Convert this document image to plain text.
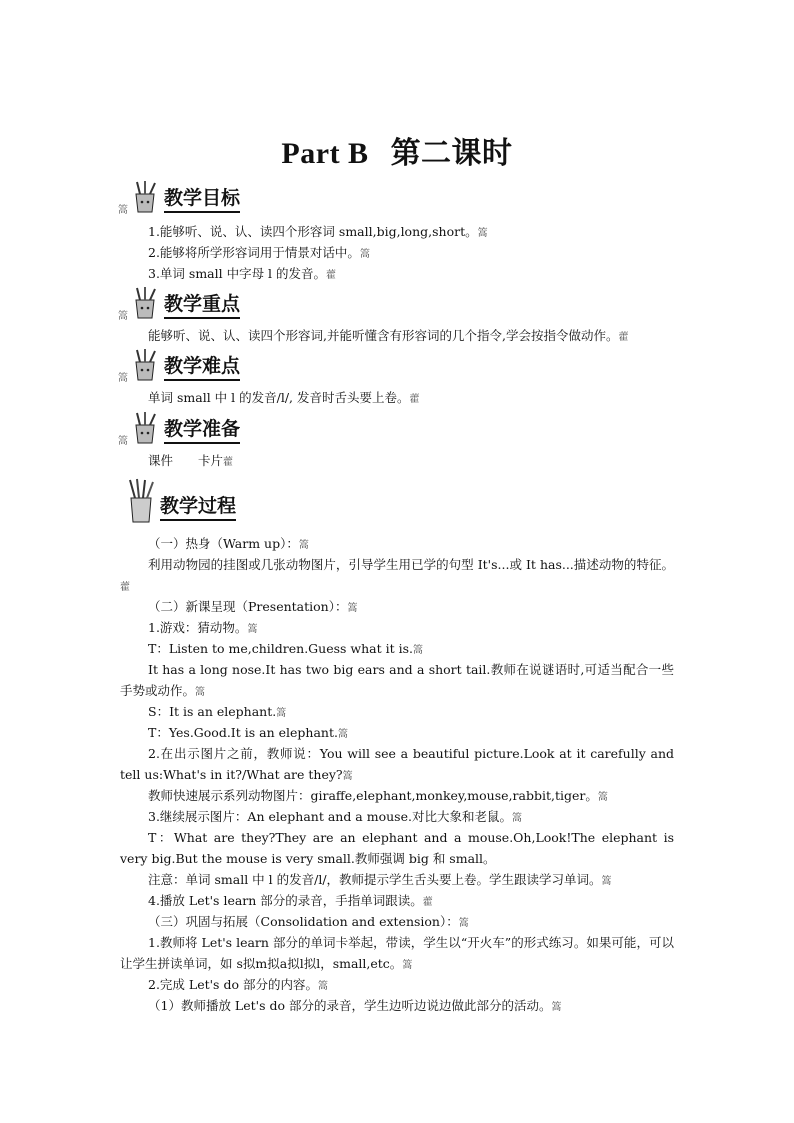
Part B 第二课时
篙
教学目标
1.能够听、说、认、读四个形容词 small,big,long,short。篙
2.能够将所学形容词用于情景对话中。篙
3.单词 small 中字母 l 的发音。藿
篙
教学重点
能够听、说、认、读四个形容词,并能听懂含有形容词的几个指令,学会按指令做动作。藿
篙
教学难点
单词 small 中 l 的发音/l/, 发音时舌头要上卷。藿
篙
教学准备
课件　　卡片藿
教学过程
（一）热身（Warm up）：篙
利用动物园的挂图或几张动物图片，引导学生用已学的句型 It's...或 It has...描述动物的特征。藿
（二）新课呈现（Presentation）：篙
1.游戏：猜动物。篙
T：Listen to me,children.Guess what it is.篙
It has a long nose.It has two big ears and a short tail.教师在说谜语时,可适当配合一些手势或动作。篙
S：It is an elephant.篙
T：Yes.Good.It is an elephant.篙
2.在出示图片之前，教师说：You will see a beautiful picture.Look at it carefully and tell us:What's in it?/What are they?篙
教师快速展示系列动物图片：giraffe,elephant,monkey,mouse,rabbit,tiger。篙
3.继续展示图片：An elephant and a mouse.对比大象和老鼠。篙
T：What are they?They are an elephant and a mouse.Oh,Look!The elephant is very big.But the mouse is very small.教师强调 big 和 small。
注意：单词 small 中 l 的发音/l/，教师提示学生舌头要上卷。学生跟读学习单词。篙
4.播放 Let's learn 部分的录音，手指单词跟读。藿
（三）巩固与拓展（Consolidation and extension）：篙
1.教师将 Let's learn 部分的单词卡举起，带读，学生以“开火车”的形式练习。如果可能，可以让学生拼读单词，如 s拟m拟a拟l拟l，small,etc。篙
2.完成 Let's do 部分的内容。篙
（1）教师播放 Let's do 部分的录音，学生边听边说边做此部分的活动。篙
